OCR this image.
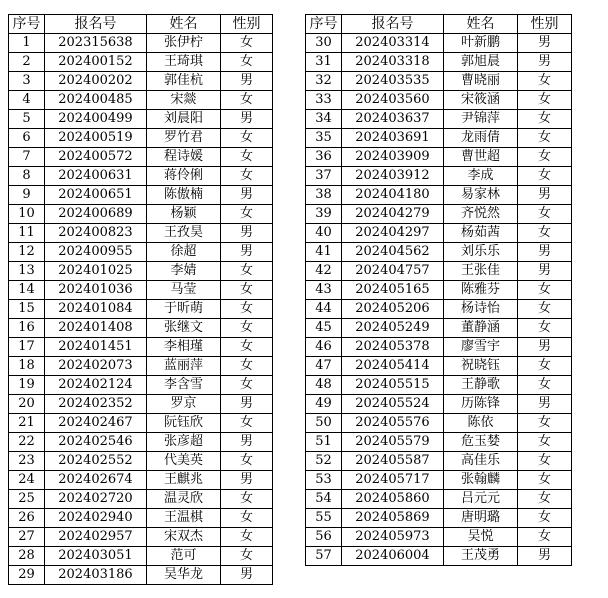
序号	报名号	姓名	性别
1	202315638	张伊柠	女
2	202400152	王琦琪	女
3	202400202	郭佳杭	男
4	202400485	宋燚	女
5	202400499	刘晨阳	男
6	202400519	罗竹君	女
7	202400572	程诗媛	女
8	202400631	蒋伶俐	女
9	202400651	陈傲楠	男
10	202400689	杨颖	女
11	202400823	王孜昊	男
12	202400955	徐超	男
13	202401025	李婧	女
14	202401036	马莹	女
15	202401084	于昕萌	女
16	202401408	张继文	女
17	202401451	李相瑾	女
18	202402073	蓝丽萍	女
19	202402124	李含雪	女
20	202402352	罗京	男
21	202402467	阮钰欣	女
22	202402546	张彦超	男
23	202402552	代美英	女
24	202402674	王麒兆	男
25	202402720	温灵欣	女
26	202402940	王温棋	女
27	202402957	宋双杰	女
28	202403051	范可	女
29	202403186	吴华龙	男
序号	报名号	姓名	性别
30	202403314	叶新鹏	男
31	202403318	郭旭晨	男
32	202403535	曹晓丽	女
33	202403560	宋筱涵	女
34	202403637	尹锦萍	女
35	202403691	龙雨倩	女
36	202403909	曹世超	女
37	202403912	李成	女
38	202404180	易家林	男
39	202404279	齐悦然	女
40	202404297	杨茹茜	女
41	202404562	刘乐乐	男
42	202404757	王张佳	男
43	202405165	陈雅芬	女
44	202405206	杨诗怡	女
45	202405249	董静涵	女
46	202405378	廖雪宇	男
47	202405414	祝晓钰	女
48	202405515	王静歌	女
49	202405524	历陈锋	男
50	202405576	陈依	女
51	202405579	危玉婪	女
52	202405587	高佳乐	女
53	202405717	张翰麟	女
54	202405860	吕元元	女
55	202405869	唐明璐	女
56	202405973	吴悦	女
57	202406004	王茂勇	男
